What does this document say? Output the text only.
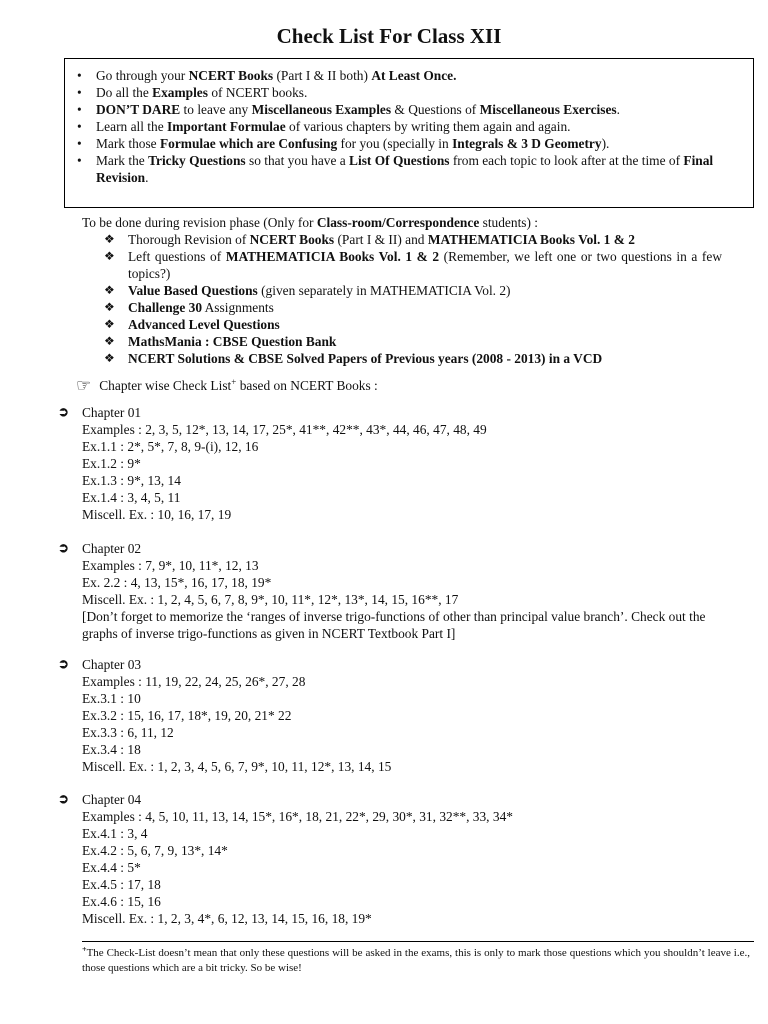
Check List For Class XII
• Go through your NCERT Books (Part I & II both) At Least Once.
• Do all the Examples of NCERT books.
• DON’T DARE to leave any Miscellaneous Examples & Questions of Miscellaneous Exercises.
• Learn all the Important Formulae of various chapters by writing them again and again.
• Mark those Formulae which are Confusing for you (specially in Integrals & 3 D Geometry).
• Mark the Tricky Questions so that you have a List Of Questions from each topic to look after at the time of Final Revision.
To be done during revision phase (Only for Class-room/Correspondence students) :
❖ Thorough Revision of NCERT Books (Part I & II) and MATHEMATICIA Books Vol. 1 & 2
❖ Left questions of MATHEMATICIA Books Vol. 1 & 2 (Remember, we left one or two questions in a few topics?)
❖ Value Based Questions (given separately in MATHEMATICIA Vol. 2)
❖ Challenge 30 Assignments
❖ Advanced Level Questions
❖ MathsMania : CBSE Question Bank
❖ NCERT Solutions & CBSE Solved Papers of Previous years (2008 - 2013) in a VCD
☞ Chapter wise Check List+ based on NCERT Books :
➲ Chapter 01
Examples : 2, 3, 5, 12*, 13, 14, 17, 25*, 41**, 42**, 43*, 44, 46, 47, 48, 49
Ex.1.1 : 2*, 5*, 7, 8, 9-(i), 12, 16
Ex.1.2 : 9*
Ex.1.3 : 9*, 13, 14
Ex.1.4 : 3, 4, 5, 11
Miscell. Ex. : 10, 16, 17, 19
➲ Chapter 02
Examples : 7, 9*, 10, 11*, 12, 13
Ex. 2.2 : 4, 13, 15*, 16, 17, 18, 19*
Miscell. Ex. : 1, 2, 4, 5, 6, 7, 8, 9*, 10, 11*, 12*, 13*, 14, 15, 16**, 17
[Don’t forget to memorize the ‘ranges of inverse trigo-functions of other than principal value branch’. Check out the graphs of inverse trigo-functions as given in NCERT Textbook Part I]
➲ Chapter 03
Examples : 11, 19, 22, 24, 25, 26*, 27, 28
Ex.3.1 : 10
Ex.3.2 : 15, 16, 17, 18*, 19, 20, 21* 22
Ex.3.3 : 6, 11, 12
Ex.3.4 : 18
Miscell. Ex. : 1, 2, 3, 4, 5, 6, 7, 9*, 10, 11, 12*, 13, 14, 15
➲ Chapter 04
Examples : 4, 5, 10, 11, 13, 14, 15*, 16*, 18, 21, 22*, 29, 30*, 31, 32**, 33, 34*
Ex.4.1 : 3, 4
Ex.4.2 : 5, 6, 7, 9, 13*, 14*
Ex.4.4 : 5*
Ex.4.5 : 17, 18
Ex.4.6 : 15, 16
Miscell. Ex. : 1, 2, 3, 4*, 6, 12, 13, 14, 15, 16, 18, 19*
+The Check-List doesn’t mean that only these questions will be asked in the exams, this is only to mark those questions which you shouldn’t leave i.e., those questions which are a bit tricky. So be wise!
